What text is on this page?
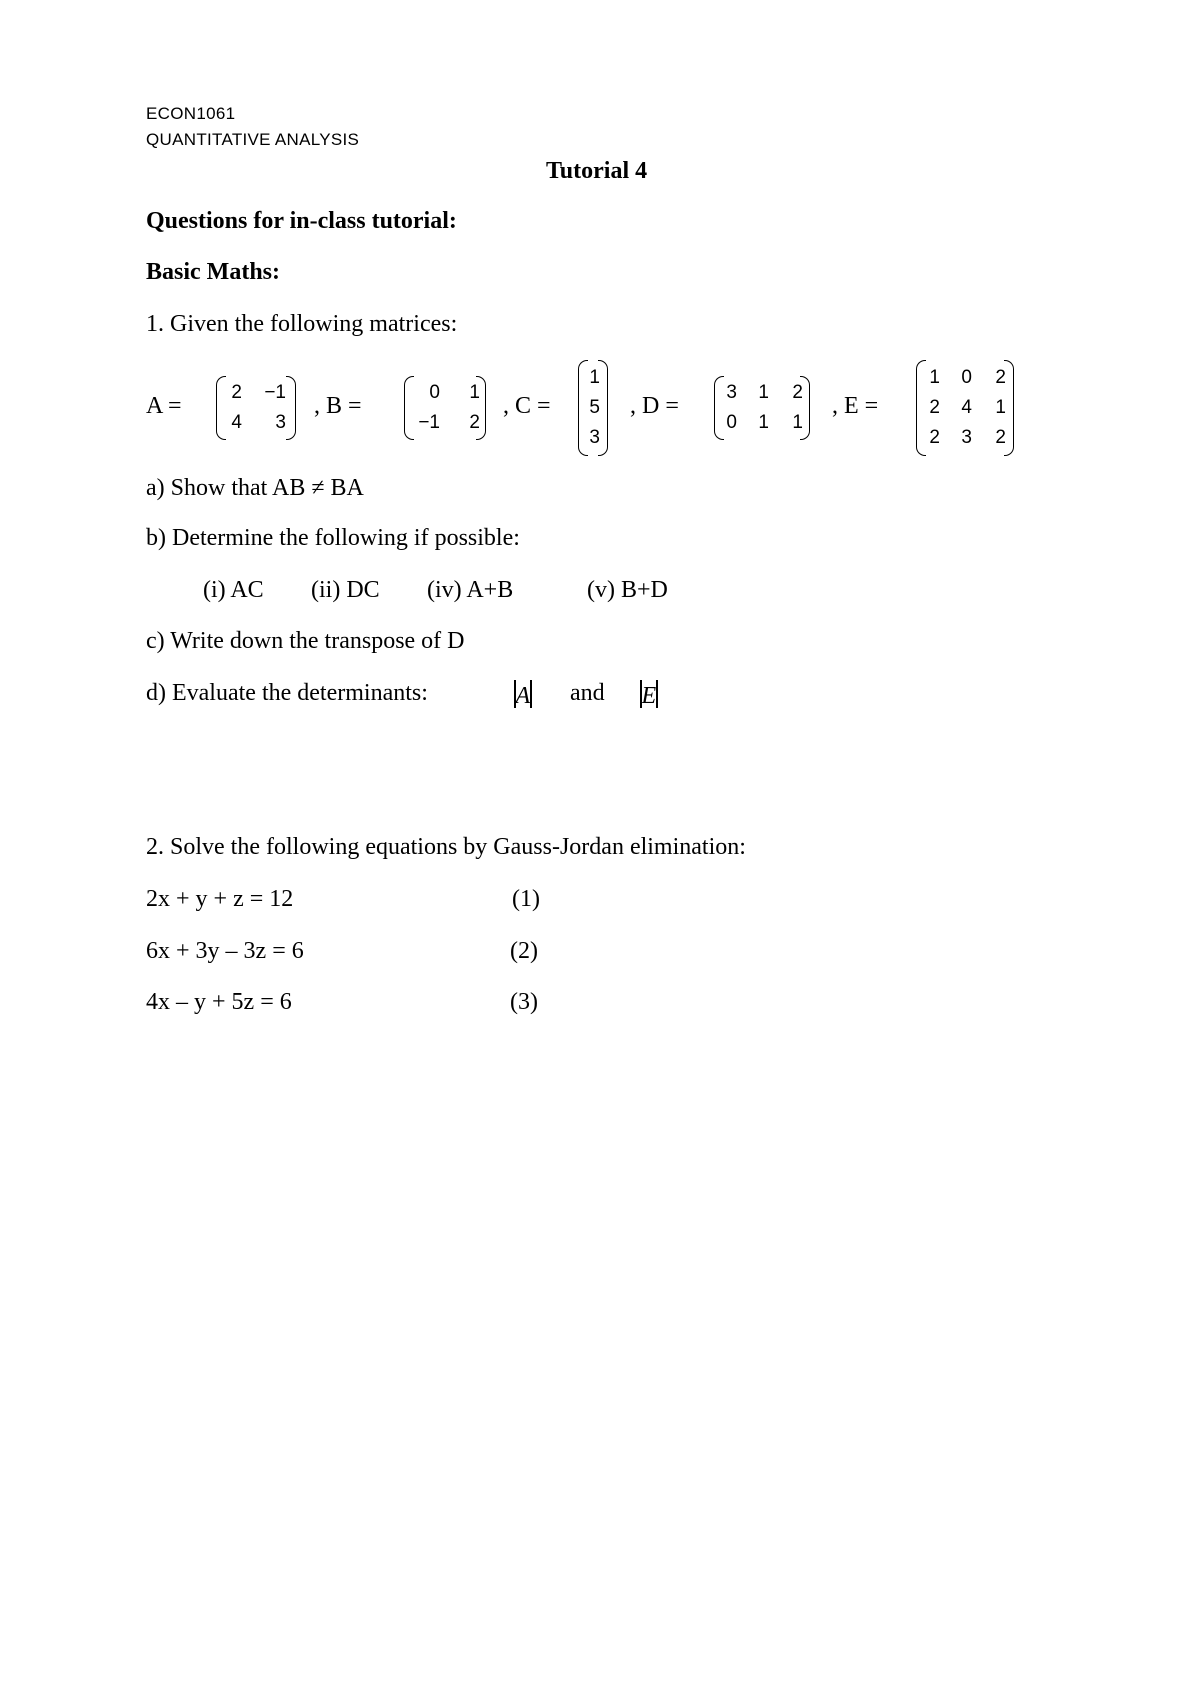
ECON1061
QUANTITATIVE ANALYSIS
Tutorial 4
Questions for in-class tutorial:
Basic Maths:
1. Given the following matrices:
A =	, B =	, C =	, D =	, E =
2	−1
4	3
0	1
−1	2
1
5
3
3	1	2
0	1	1
1	0	2
2	4	1
2	3	2
a) Show that AB ≠ BA
b) Determine the following if possible:
(i) AC (ii) DC (iv) A+B	(v) B+D
c) Write down the transpose of D
d) Evaluate the determinants:	A and E
2. Solve the following equations by Gauss-Jordan elimination:
2x + y + z = 12	(1)
6x + 3y – 3z = 6	(2)
4x – y + 5z = 6	(3)
